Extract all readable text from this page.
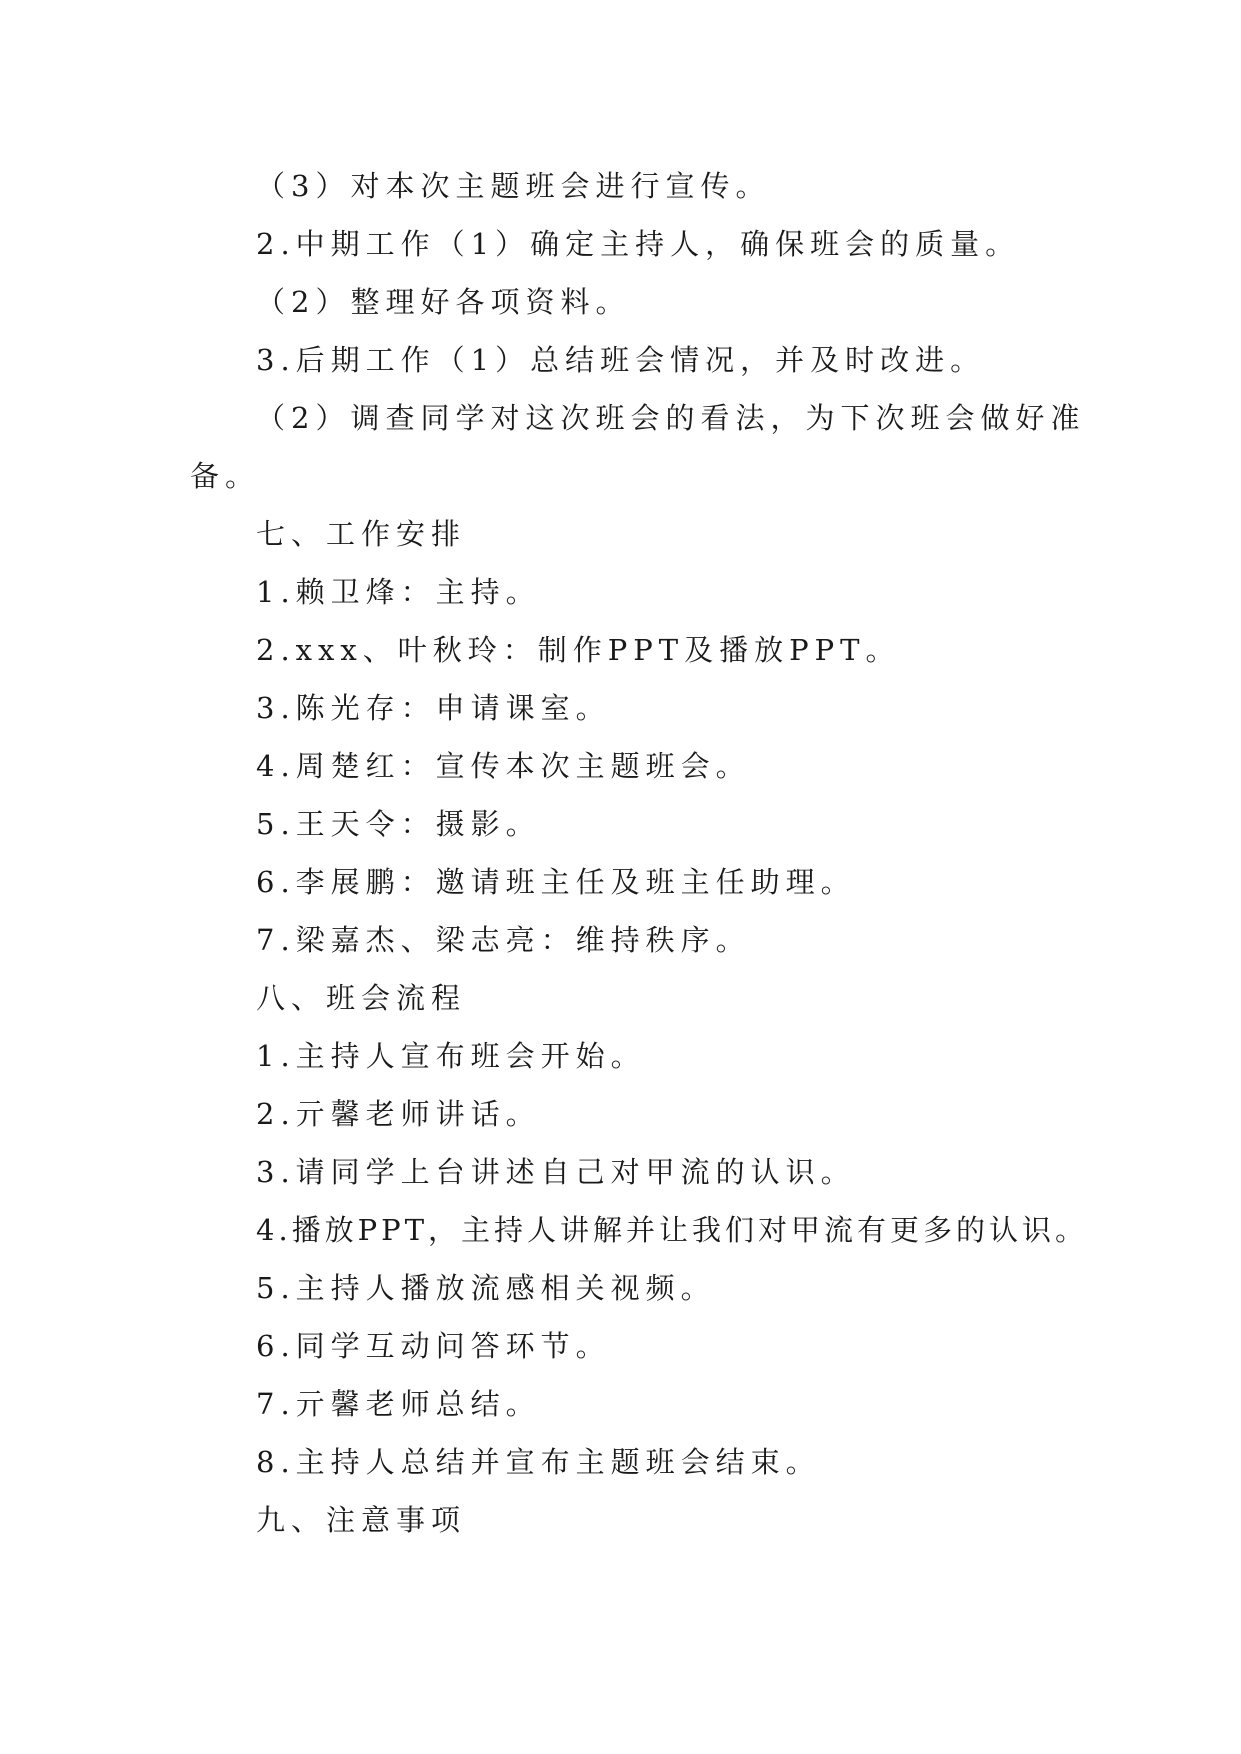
（3）对本次主题班会进行宣传。
2.中期工作（1）确定主持人，确保班会的质量。
（2）整理好各项资料。
3.后期工作（1）总结班会情况，并及时改进。
（2）调查同学对这次班会的看法，为下次班会做好准
备。
七、工作安排
1.赖卫烽：主持。
2.xxx、叶秋玲：制作PPT及播放PPT。
3.陈光存：申请课室。
4.周楚红：宣传本次主题班会。
5.王天令：摄影。
6.李展鹏：邀请班主任及班主任助理。
7.梁嘉杰、梁志亮：维持秩序。
八、班会流程
1.主持人宣布班会开始。
2.亓馨老师讲话。
3.请同学上台讲述自己对甲流的认识。
4.播放PPT，主持人讲解并让我们对甲流有更多的认识。
5.主持人播放流感相关视频。
6.同学互动问答环节。
7.亓馨老师总结。
8.主持人总结并宣布主题班会结束。
九、注意事项
